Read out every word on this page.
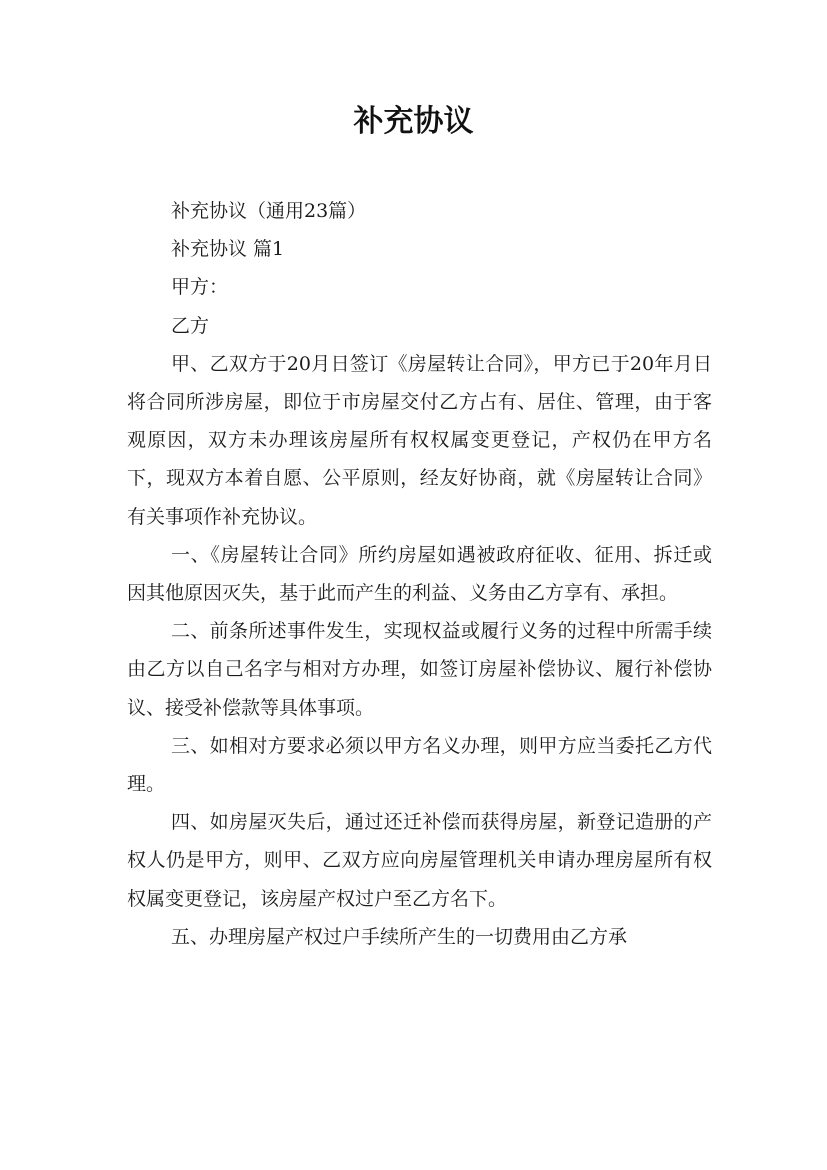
补充协议

补充协议（通用23篇）

补充协议 篇1

甲方：

乙方

甲、乙双方于20月日签订《房屋转让合同》，甲方已于20年月日将合同所涉房屋，即位于市房屋交付乙方占有、居住、管理，由于客观原因，双方未办理该房屋所有权权属变更登记，产权仍在甲方名下，现双方本着自愿、公平原则，经友好协商，就《房屋转让合同》有关事项作补充协议。

一、《房屋转让合同》所约房屋如遇被政府征收、征用、拆迁或因其他原因灭失，基于此而产生的利益、义务由乙方享有、承担。

二、前条所述事件发生，实现权益或履行义务的过程中所需手续由乙方以自己名字与相对方办理，如签订房屋补偿协议、履行补偿协议、接受补偿款等具体事项。

三、如相对方要求必须以甲方名义办理，则甲方应当委托乙方代理。

四、如房屋灭失后，通过还迁补偿而获得房屋，新登记造册的产权人仍是甲方，则甲、乙双方应向房屋管理机关申请办理房屋所有权权属变更登记，该房屋产权过户至乙方名下。

五、办理房屋产权过户手续所产生的一切费用由乙方承
